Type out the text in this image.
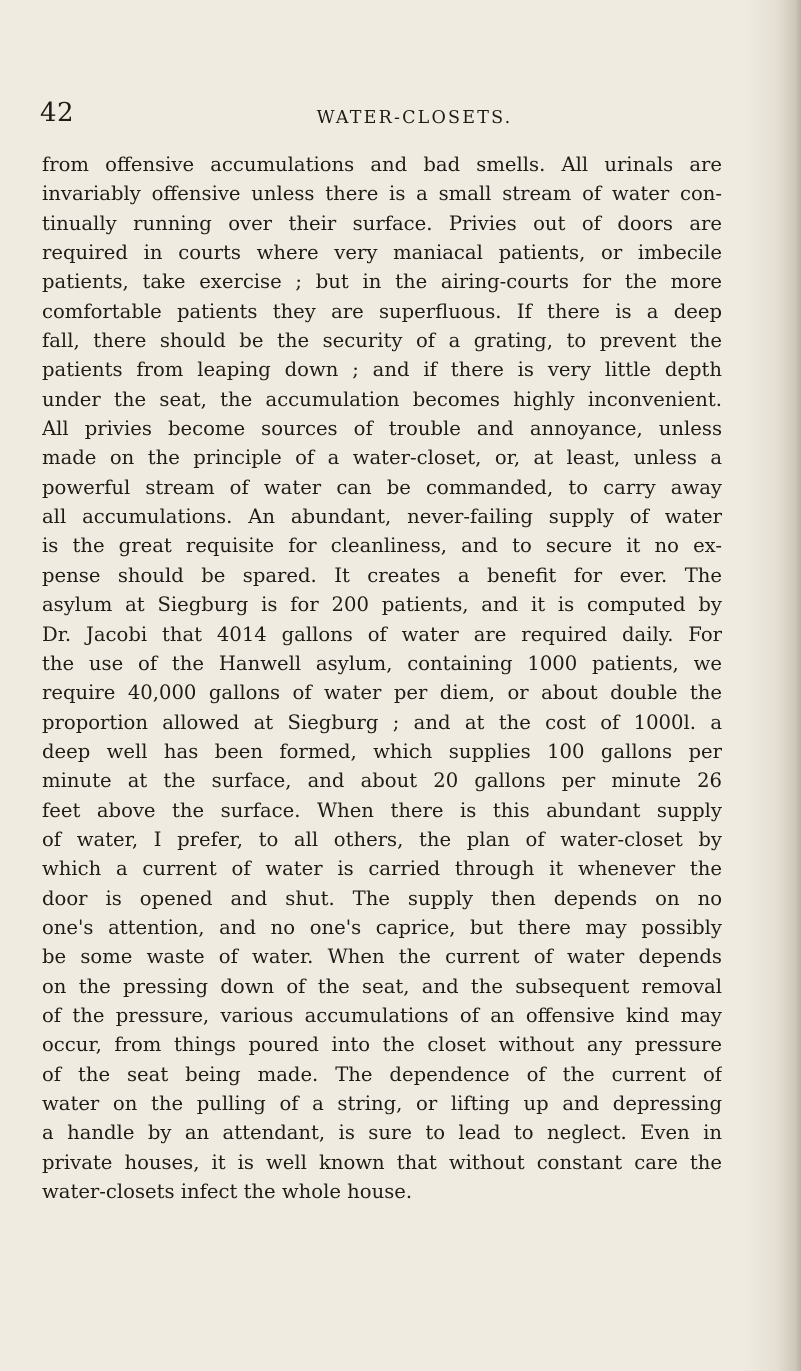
42	WATER-CLOSETS.
from offensive accumulations and bad smells. All urinals are
invariably offensive unless there is a small stream of water con-
tinually running over their surface. Privies out of doors are
required in courts where very maniacal patients, or imbecile
patients, take exercise ; but in the airing-courts for the more
comfortable patients they are superfluous. If there is a deep
fall, there should be the security of a grating, to prevent the
patients from leaping down ; and if there is very little depth
under the seat, the accumulation becomes highly inconvenient.
All privies become sources of trouble and annoyance, unless
made on the principle of a water-closet, or, at least, unless a
powerful stream of water can be commanded, to carry away
all accumulations. An abundant, never-failing supply of water
is the great requisite for cleanliness, and to secure it no ex-
pense should be spared. It creates a benefit for ever. The
asylum at Siegburg is for 200 patients, and it is computed by
Dr. Jacobi that 4014 gallons of water are required daily. For
the use of the Hanwell asylum, containing 1000 patients, we
require 40,000 gallons of water per diem, or about double the
proportion allowed at Siegburg ; and at the cost of 1000l. a
deep well has been formed, which supplies 100 gallons per
minute at the surface, and about 20 gallons per minute 26
feet above the surface. When there is this abundant supply
of water, I prefer, to all others, the plan of water-closet by
which a current of water is carried through it whenever the
door is opened and shut. The supply then depends on no
one's attention, and no one's caprice, but there may possibly
be some waste of water. When the current of water depends
on the pressing down of the seat, and the subsequent removal
of the pressure, various accumulations of an offensive kind may
occur, from things poured into the closet without any pressure
of the seat being made. The dependence of the current of
water on the pulling of a string, or lifting up and depressing
a handle by an attendant, is sure to lead to neglect. Even in
private houses, it is well known that without constant care the
water-closets infect the whole house.
